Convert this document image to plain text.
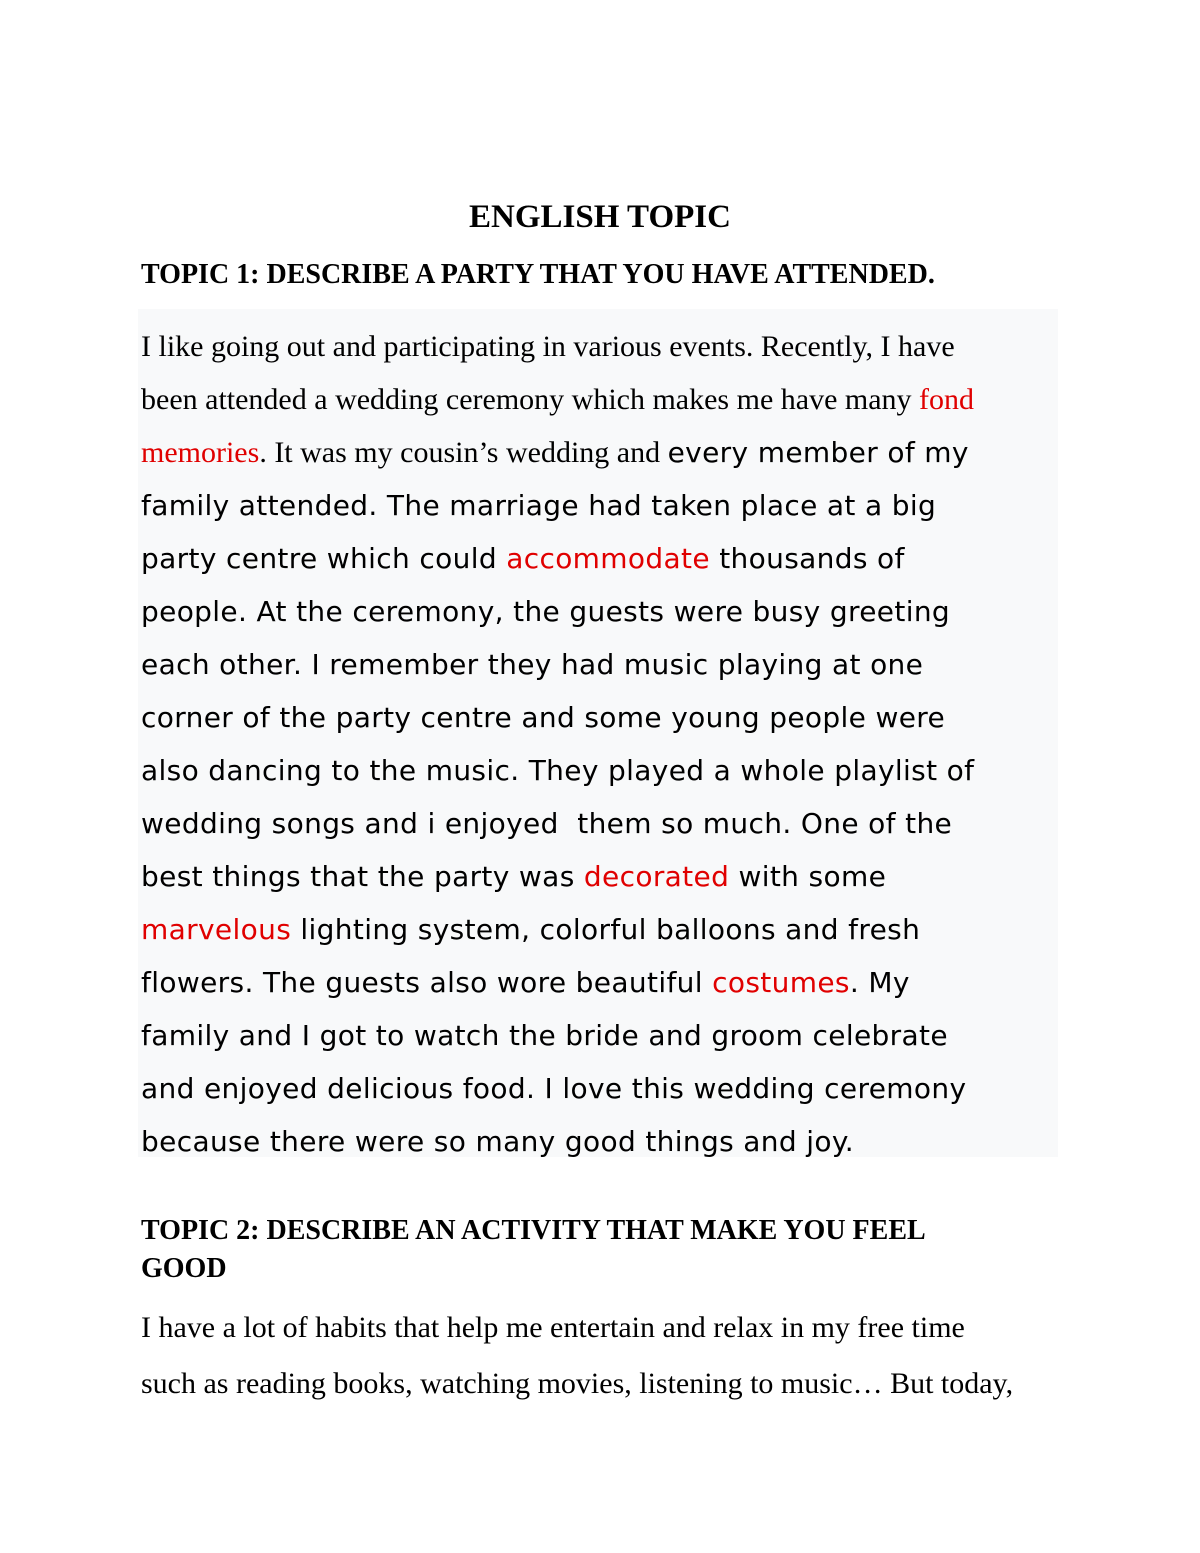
ENGLISH TOPIC
TOPIC 1: DESCRIBE A PARTY THAT YOU HAVE ATTENDED.

I like going out and participating in various events. Recently, I have
been attended a wedding ceremony which makes me have many fond
memories. It was my cousin’s wedding and every member of my
family attended. The marriage had taken place at a big
party centre which could accommodate thousands of
people. At the ceremony, the guests were busy greeting
each other. I remember they had music playing at one
corner of the party centre and some young people were
also dancing to the music. They played a whole playlist of
wedding songs and i enjoyed  them so much. One of the
best things that the party was decorated with some
marvelous lighting system, colorful balloons and fresh
flowers. The guests also wore beautiful costumes. My
family and I got to watch the bride and groom celebrate
and enjoyed delicious food. I love this wedding ceremony
because there were so many good things and joy.

TOPIC 2: DESCRIBE AN ACTIVITY THAT MAKE YOU FEEL
GOOD

I have a lot of habits that help me entertain and relax in my free time
such as reading books, watching movies, listening to music… But today,
